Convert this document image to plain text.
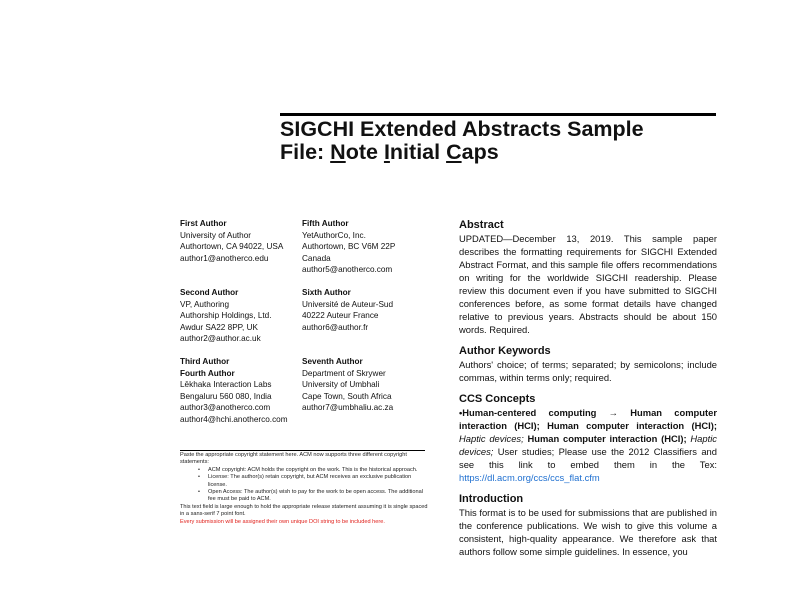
SIGCHI Extended Abstracts Sample
File: Note Initial Caps
First Author
University of Author
Authortown, CA 94022, USA
author1@anotherco.edu
Fifth Author
YetAuthorCo, Inc.
Authortown, BC V6M 22P
Canada
author5@anotherco.com
Second Author
VP, Authoring
Authorship Holdings, Ltd.
Awdur SA22 8PP, UK
author2@author.ac.uk
Sixth Author
Université de Auteur-Sud
40222 Auteur France
author6@author.fr
Third Author
Fourth Author
Lēkhaka Interaction Labs
Bengaluru 560 080, India
author3@anotherco.com
author4@hchi.anotherco.com
Seventh Author
Department of Skrywer
University of Umbhali
Cape Town, South Africa
author7@umbhaliu.ac.za
Paste the appropriate copyright statement here. ACM now supports three different copyright statements:
• ACM copyright: ACM holds the copyright on the work. This is the historical approach.
• License: The author(s) retain copyright, but ACM receives an exclusive publication license.
• Open Access: The author(s) wish to pay for the work to be open access. The additional fee must be paid to ACM.
This text field is large enough to hold the appropriate release statement assuming it is single spaced in a sans-serif 7 point font.
Every submission will be assigned their own unique DOI string to be included here.
Abstract

UPDATED—December 13, 2019. This sample paper describes the formatting requirements for SIGCHI Extended Abstract Format, and this sample file offers recommendations on writing for the worldwide SIGCHI readership. Please review this document even if you have submitted to SIGCHI conferences before, as some format details have changed relative to previous years. Abstracts should be about 150 words. Required.

Author Keywords

Authors' choice; of terms; separated; by semicolons; include commas, within terms only; required.

CCS Concepts

•Human-centered computing → Human computer interaction (HCI); Human computer interaction (HCI); Haptic devices; Human computer interaction (HCI); Haptic devices; User studies; Please use the 2012 Classifiers and see this link to embed them in the Tex: https://dl.acm.org/ccs/ccs_flat.cfm

Introduction

This format is to be used for submissions that are published in the conference publications. We wish to give this volume a consistent, high-quality appearance. We therefore ask that authors follow some simple guidelines. In essence, you
